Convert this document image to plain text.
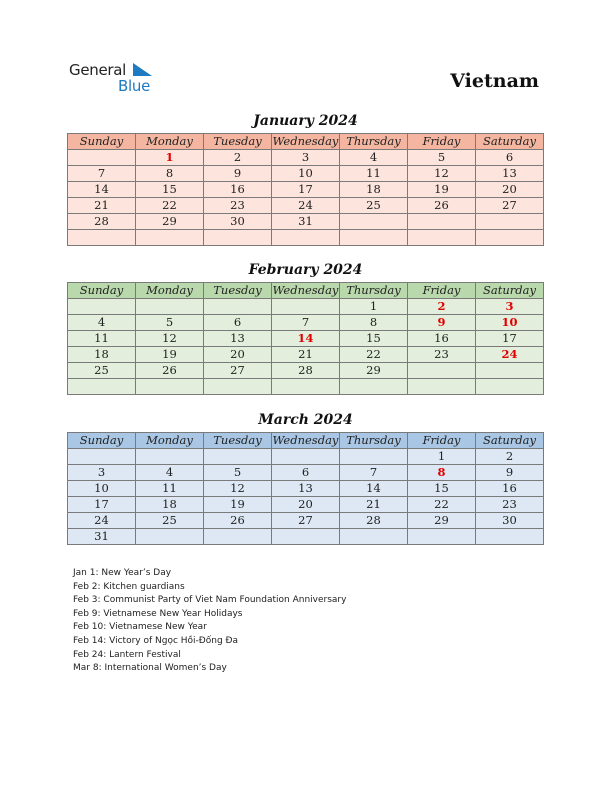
General
Blue	Vietnam
January 2024
Sunday	Monday	Tuesday	Wednesday	Thursday	Friday	Saturday
	1	2	3	4	5	6
7	8	9	10	11	12	13
14	15	16	17	18	19	20
21	22	23	24	25	26	27
28	29	30	31			

February 2024
Sunday	Monday	Tuesday	Wednesday	Thursday	Friday	Saturday
				1	2	3
4	5	6	7	8	9	10
11	12	13	14	15	16	17
18	19	20	21	22	23	24
25	26	27	28	29		

March 2024
Sunday	Monday	Tuesday	Wednesday	Thursday	Friday	Saturday
					1	2
3	4	5	6	7	8	9
10	11	12	13	14	15	16
17	18	19	20	21	22	23
24	25	26	27	28	29	30
31						
Jan 1: New Year’s Day
Feb 2: Kitchen guardians
Feb 3: Communist Party of Viet Nam Foundation Anniversary
Feb 9: Vietnamese New Year Holidays
Feb 10: Vietnamese New Year
Feb 14: Victory of Ngọc Hồi-Đống Đa
Feb 24: Lantern Festival
Mar 8: International Women’s Day
